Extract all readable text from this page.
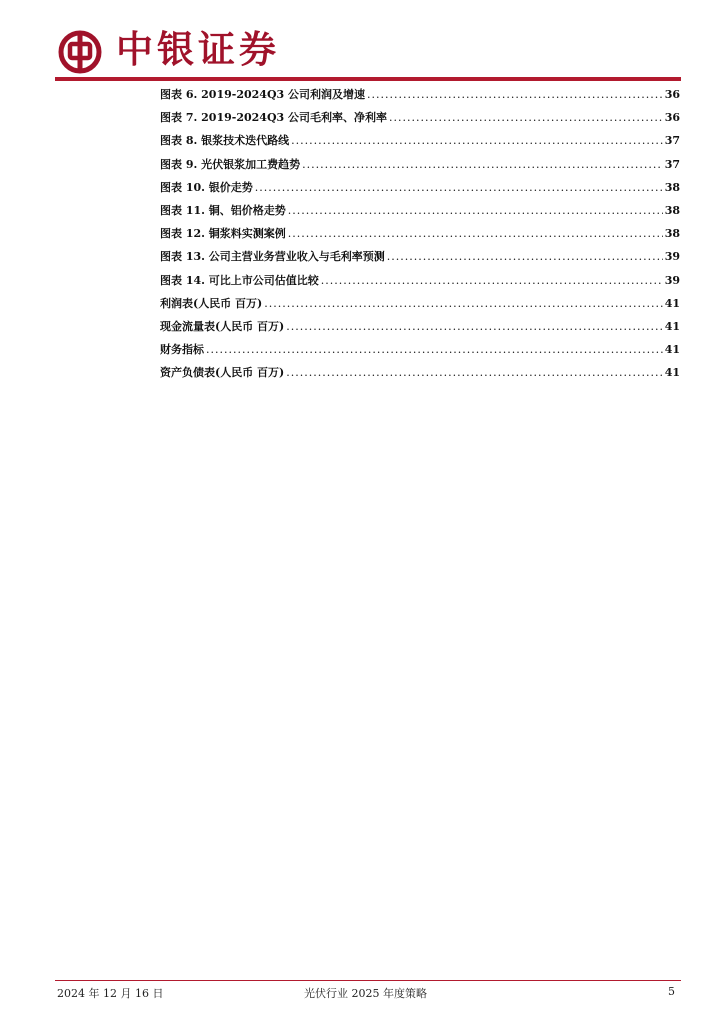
中银证券
图表 6. 2019-2024Q3 公司利润及增速 .....	36
图表 7. 2019-2024Q3 公司毛利率、净利率 .....	36
图表 8. 银浆技术迭代路线 .....	37
图表 9. 光伏银浆加工费趋势 .....	37
图表 10. 银价走势 .....	38
图表 11. 铜、铝价格走势 .....	38
图表 12. 铜浆料实测案例 .....	38
图表 13. 公司主营业务营业收入与毛利率预测 .....	39
图表 14. 可比上市公司估值比较 .....	39
利润表(人民币 百万) .....	41
现金流量表(人民币 百万) .....	41
财务指标 .....	41
资产负债表(人民币 百万) .....	41
2024 年 12 月 16 日	光伏行业 2025 年度策略	5
